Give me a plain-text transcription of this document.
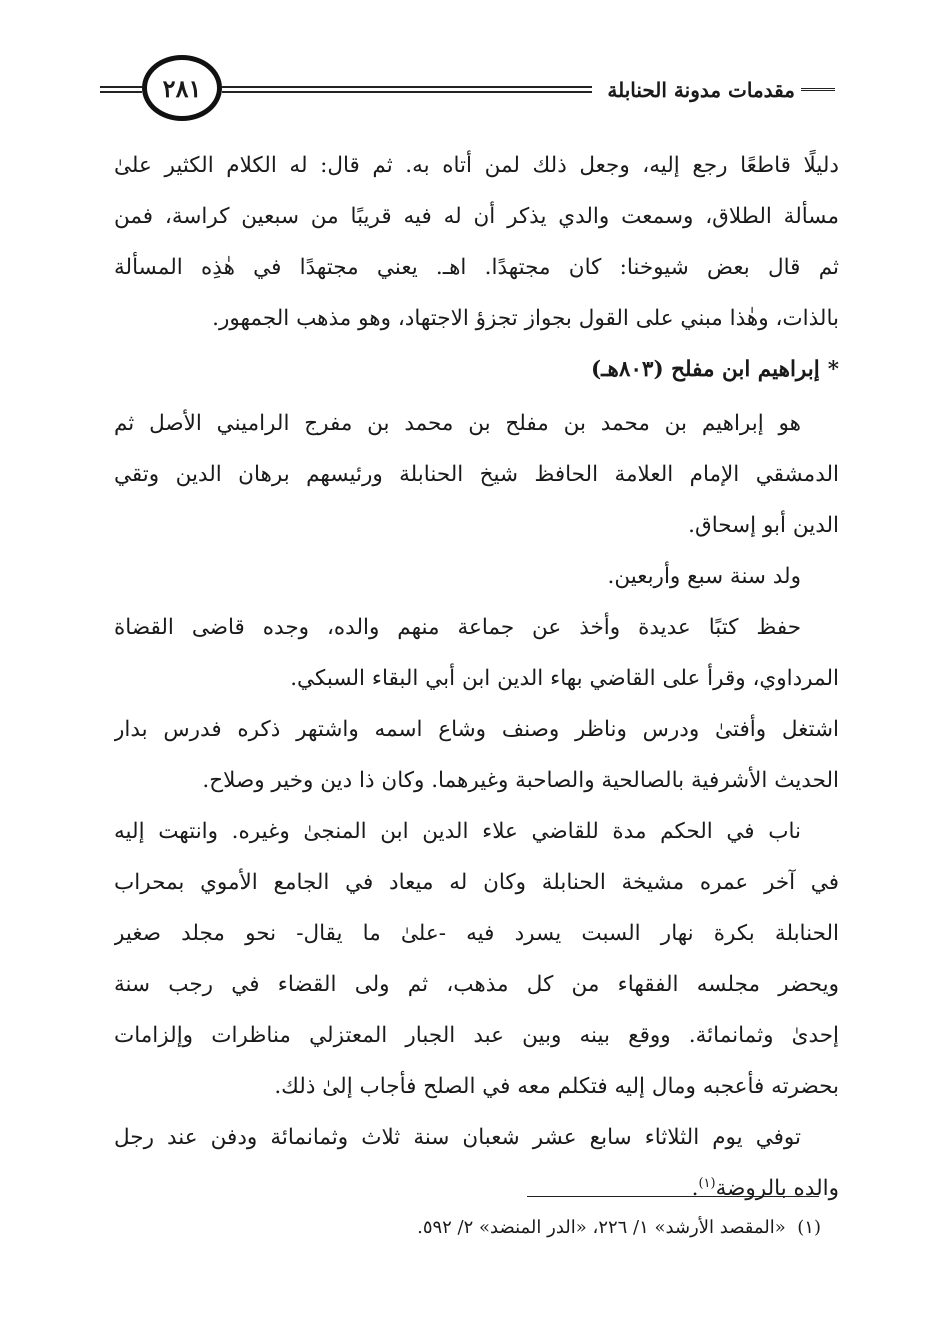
٢٨١	مقدمات مدونة الحنابلة
دليلًا قاطعًا رجع إليه، وجعل ذلك لمن أتاه به. ثم قال: له الكلام الكثير علىٰ
مسألة الطلاق، وسمعت والدي يذكر أن له فيه قريبًا من سبعين كراسة، فمن
ثم قال بعض شيوخنا: كان مجتهدًا. اهـ. يعني مجتهدًا في هٰذِه المسألة
بالذات، وهٰذا مبني على القول بجواز تجزؤ الاجتهاد، وهو مذهب الجمهور.
*إبراهيم ابن مفلح (٨٠٣هـ)
هو إبراهيم بن محمد بن مفلح بن محمد بن مفرج الراميني الأصل ثم
الدمشقي الإمام العلامة الحافظ شيخ الحنابلة ورئيسهم برهان الدين وتقي
الدين أبو إسحاق.
ولد سنة سبع وأربعين.
حفظ كتبًا عديدة وأخذ عن جماعة منهم والده، وجده قاضى القضاة
المرداوي، وقرأ على القاضي بهاء الدين ابن أبي البقاء السبكي.
اشتغل وأفتىٰ ودرس وناظر وصنف وشاع اسمه واشتهر ذكره فدرس بدار
الحديث الأشرفية بالصالحية والصاحبة وغيرهما. وكان ذا دين وخير وصلاح.
ناب في الحكم مدة للقاضي علاء الدين ابن المنجىٰ وغيره. وانتهت إليه
في آخر عمره مشيخة الحنابلة وكان له ميعاد في الجامع الأموي بمحراب
الحنابلة بكرة نهار السبت يسرد فيه -علىٰ ما يقال- نحو مجلد صغير
ويحضر مجلسه الفقهاء من كل مذهب، ثم ولى القضاء في رجب سنة
إحدىٰ وثمانمائة. ووقع بينه وبين عبد الجبار المعتزلي مناظرات وإلزامات
بحضرته فأعجبه ومال إليه فتكلم معه في الصلح فأجاب إلىٰ ذلك.
توفي يوم الثلاثاء سابع عشر شعبان سنة ثلاث وثمانمائة ودفن عند رجل
والده بالروضة$^{(١)}$.
(١)  «المقصد الأرشد» ١/ ٢٢٦، «الدر المنضد» ٢/ ٥٩٢.
